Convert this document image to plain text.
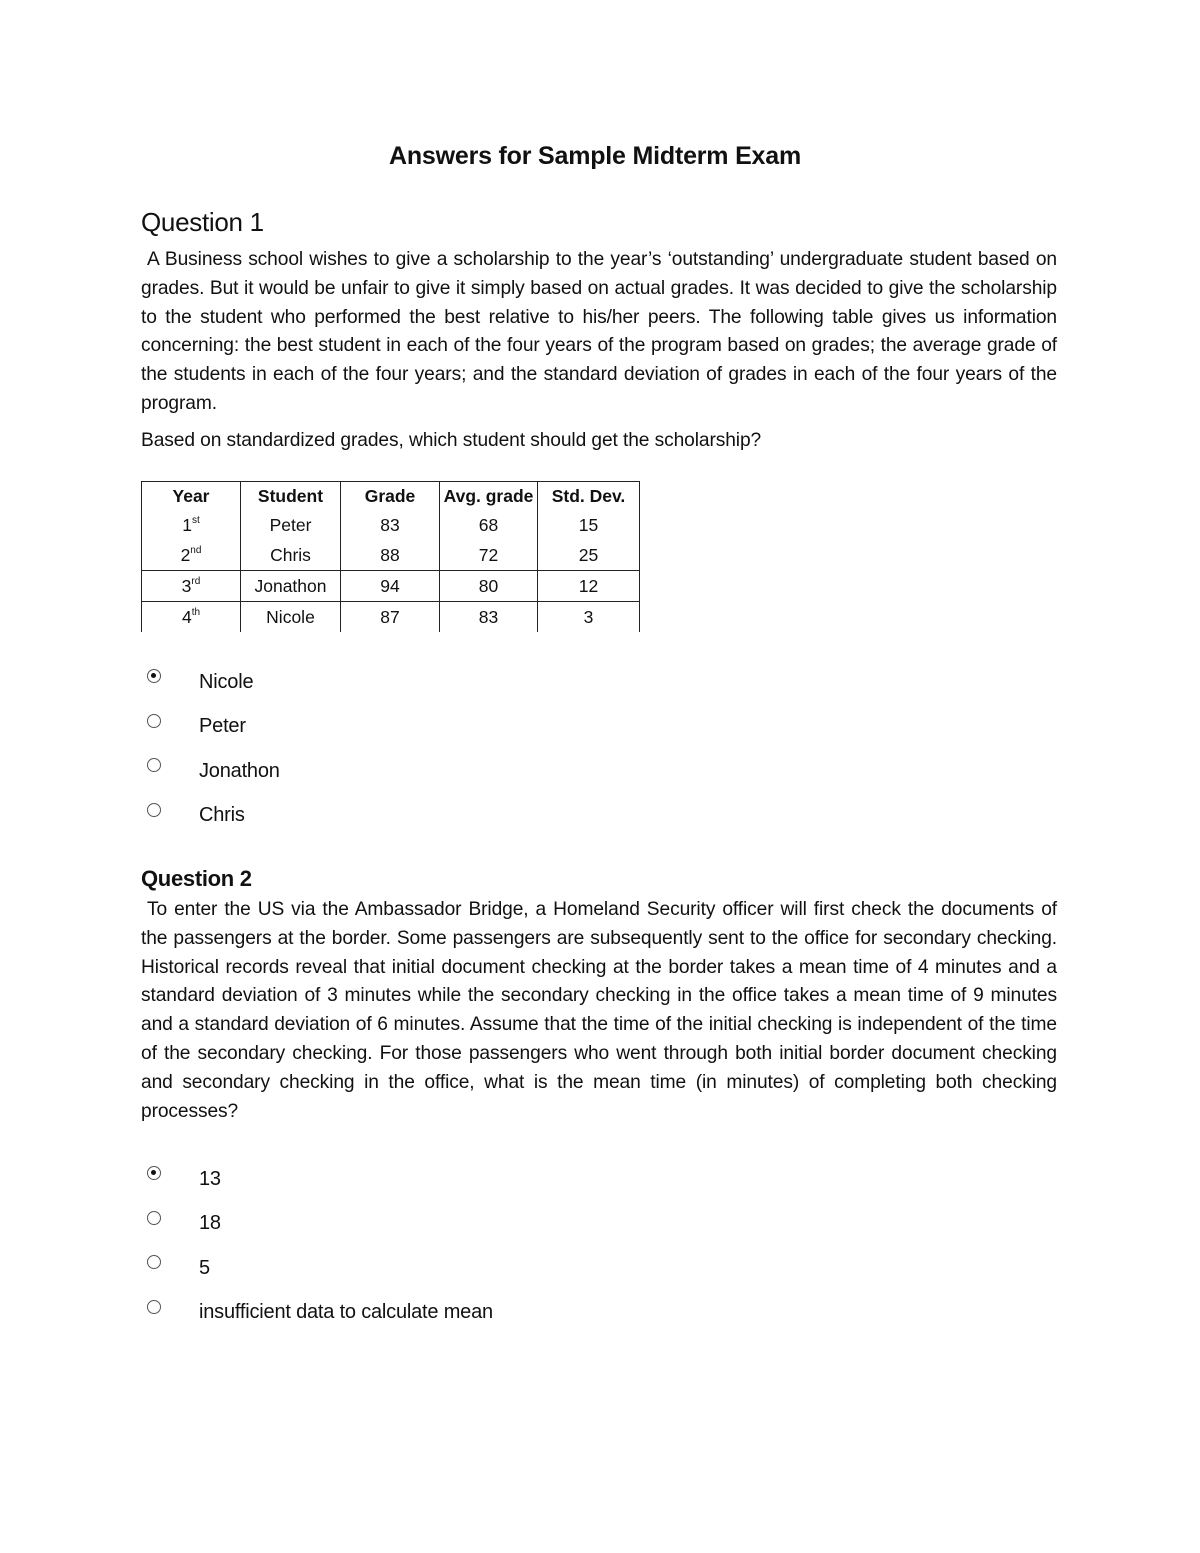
Answers for Sample Midterm Exam
Question 1
A Business school wishes to give a scholarship to the year’s ‘outstanding’ undergraduate student based on grades. But it would be unfair to give it simply based on actual grades. It was decided to give the scholarship to the student who performed the best relative to his/her peers. The following table gives us information concerning: the best student in each of the four years of the program based on grades; the average grade of the students in each of the four years; and the standard deviation of grades in each of the four years of the program.
Based on standardized grades, which student should get the scholarship?
Year	Student	Grade	Avg. grade	Std. Dev.
1st	Peter	83	68	15
2nd	Chris	88	72	25
3rd	Jonathon	94	80	12
4th	Nicole	87	83	3
Nicole
Peter
Jonathon
Chris
Question 2
To enter the US via the Ambassador Bridge, a Homeland Security officer will first check the documents of the passengers at the border. Some passengers are subsequently sent to the office for secondary checking. Historical records reveal that initial document checking at the border takes a mean time of 4 minutes and a standard deviation of 3 minutes while the secondary checking in the office takes a mean time of 9 minutes and a standard deviation of 6 minutes. Assume that the time of the initial checking is independent of the time of the secondary checking. For those passengers who went through both initial border document checking and secondary checking in the office, what is the mean time (in minutes) of completing both checking processes?
13
18
5
insufficient data to calculate mean
